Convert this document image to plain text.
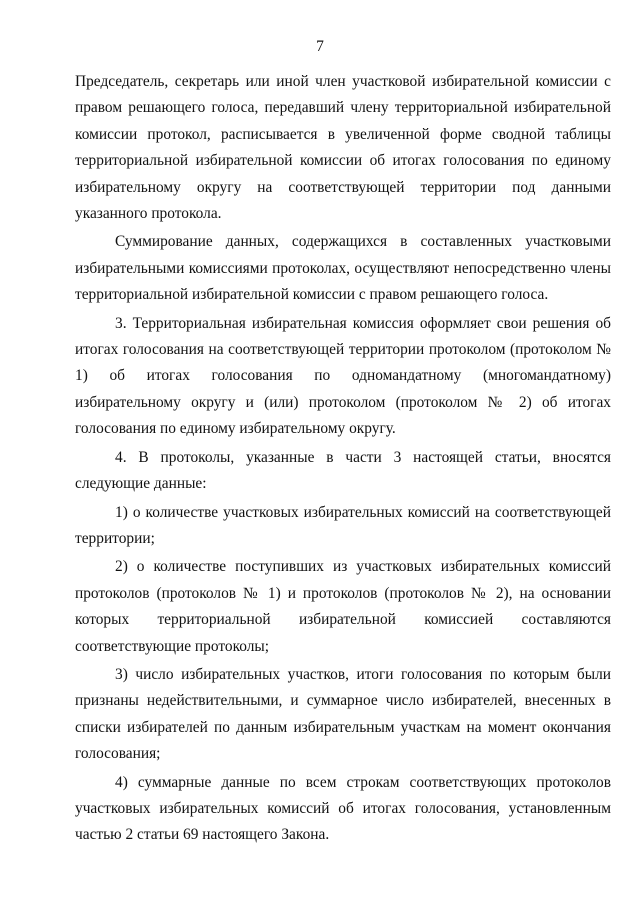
7

Председатель, секретарь или иной член участковой избирательной комиссии с правом решающего голоса, передавший члену территориальной избирательной комиссии протокол, расписывается в увеличенной форме сводной таблицы территориальной избирательной комиссии об итогах голосования по единому избирательному округу на соответствующей территории под данными указанного протокола.

Суммирование данных, содержащихся в составленных участковыми избирательными комиссиями протоколах, осуществляют непосредственно члены территориальной избирательной комиссии с правом решающего голоса.

3. Территориальная избирательная комиссия оформляет свои решения об итогах голосования на соответствующей территории протоколом (протоколом № 1) об итогах голосования по одномандатному (многомандатному) избирательному округу и (или) протоколом (протоколом № 2) об итогах голосования по единому избирательному округу.

4. В протоколы, указанные в части 3 настоящей статьи, вносятся следующие данные:

1) о количестве участковых избирательных комиссий на соответствующей территории;

2) о количестве поступивших из участковых избирательных комиссий протоколов (протоколов № 1) и протоколов (протоколов № 2), на основании которых территориальной избирательной комиссией составляются соответствующие протоколы;

3) число избирательных участков, итоги голосования по которым были признаны недействительными, и суммарное число избирателей, внесенных в списки избирателей по данным избирательным участкам на момент окончания голосования;

4) суммарные данные по всем строкам соответствующих протоколов участковых избирательных комиссий об итогах голосования, установленным частью 2 статьи 69 настоящего Закона.
